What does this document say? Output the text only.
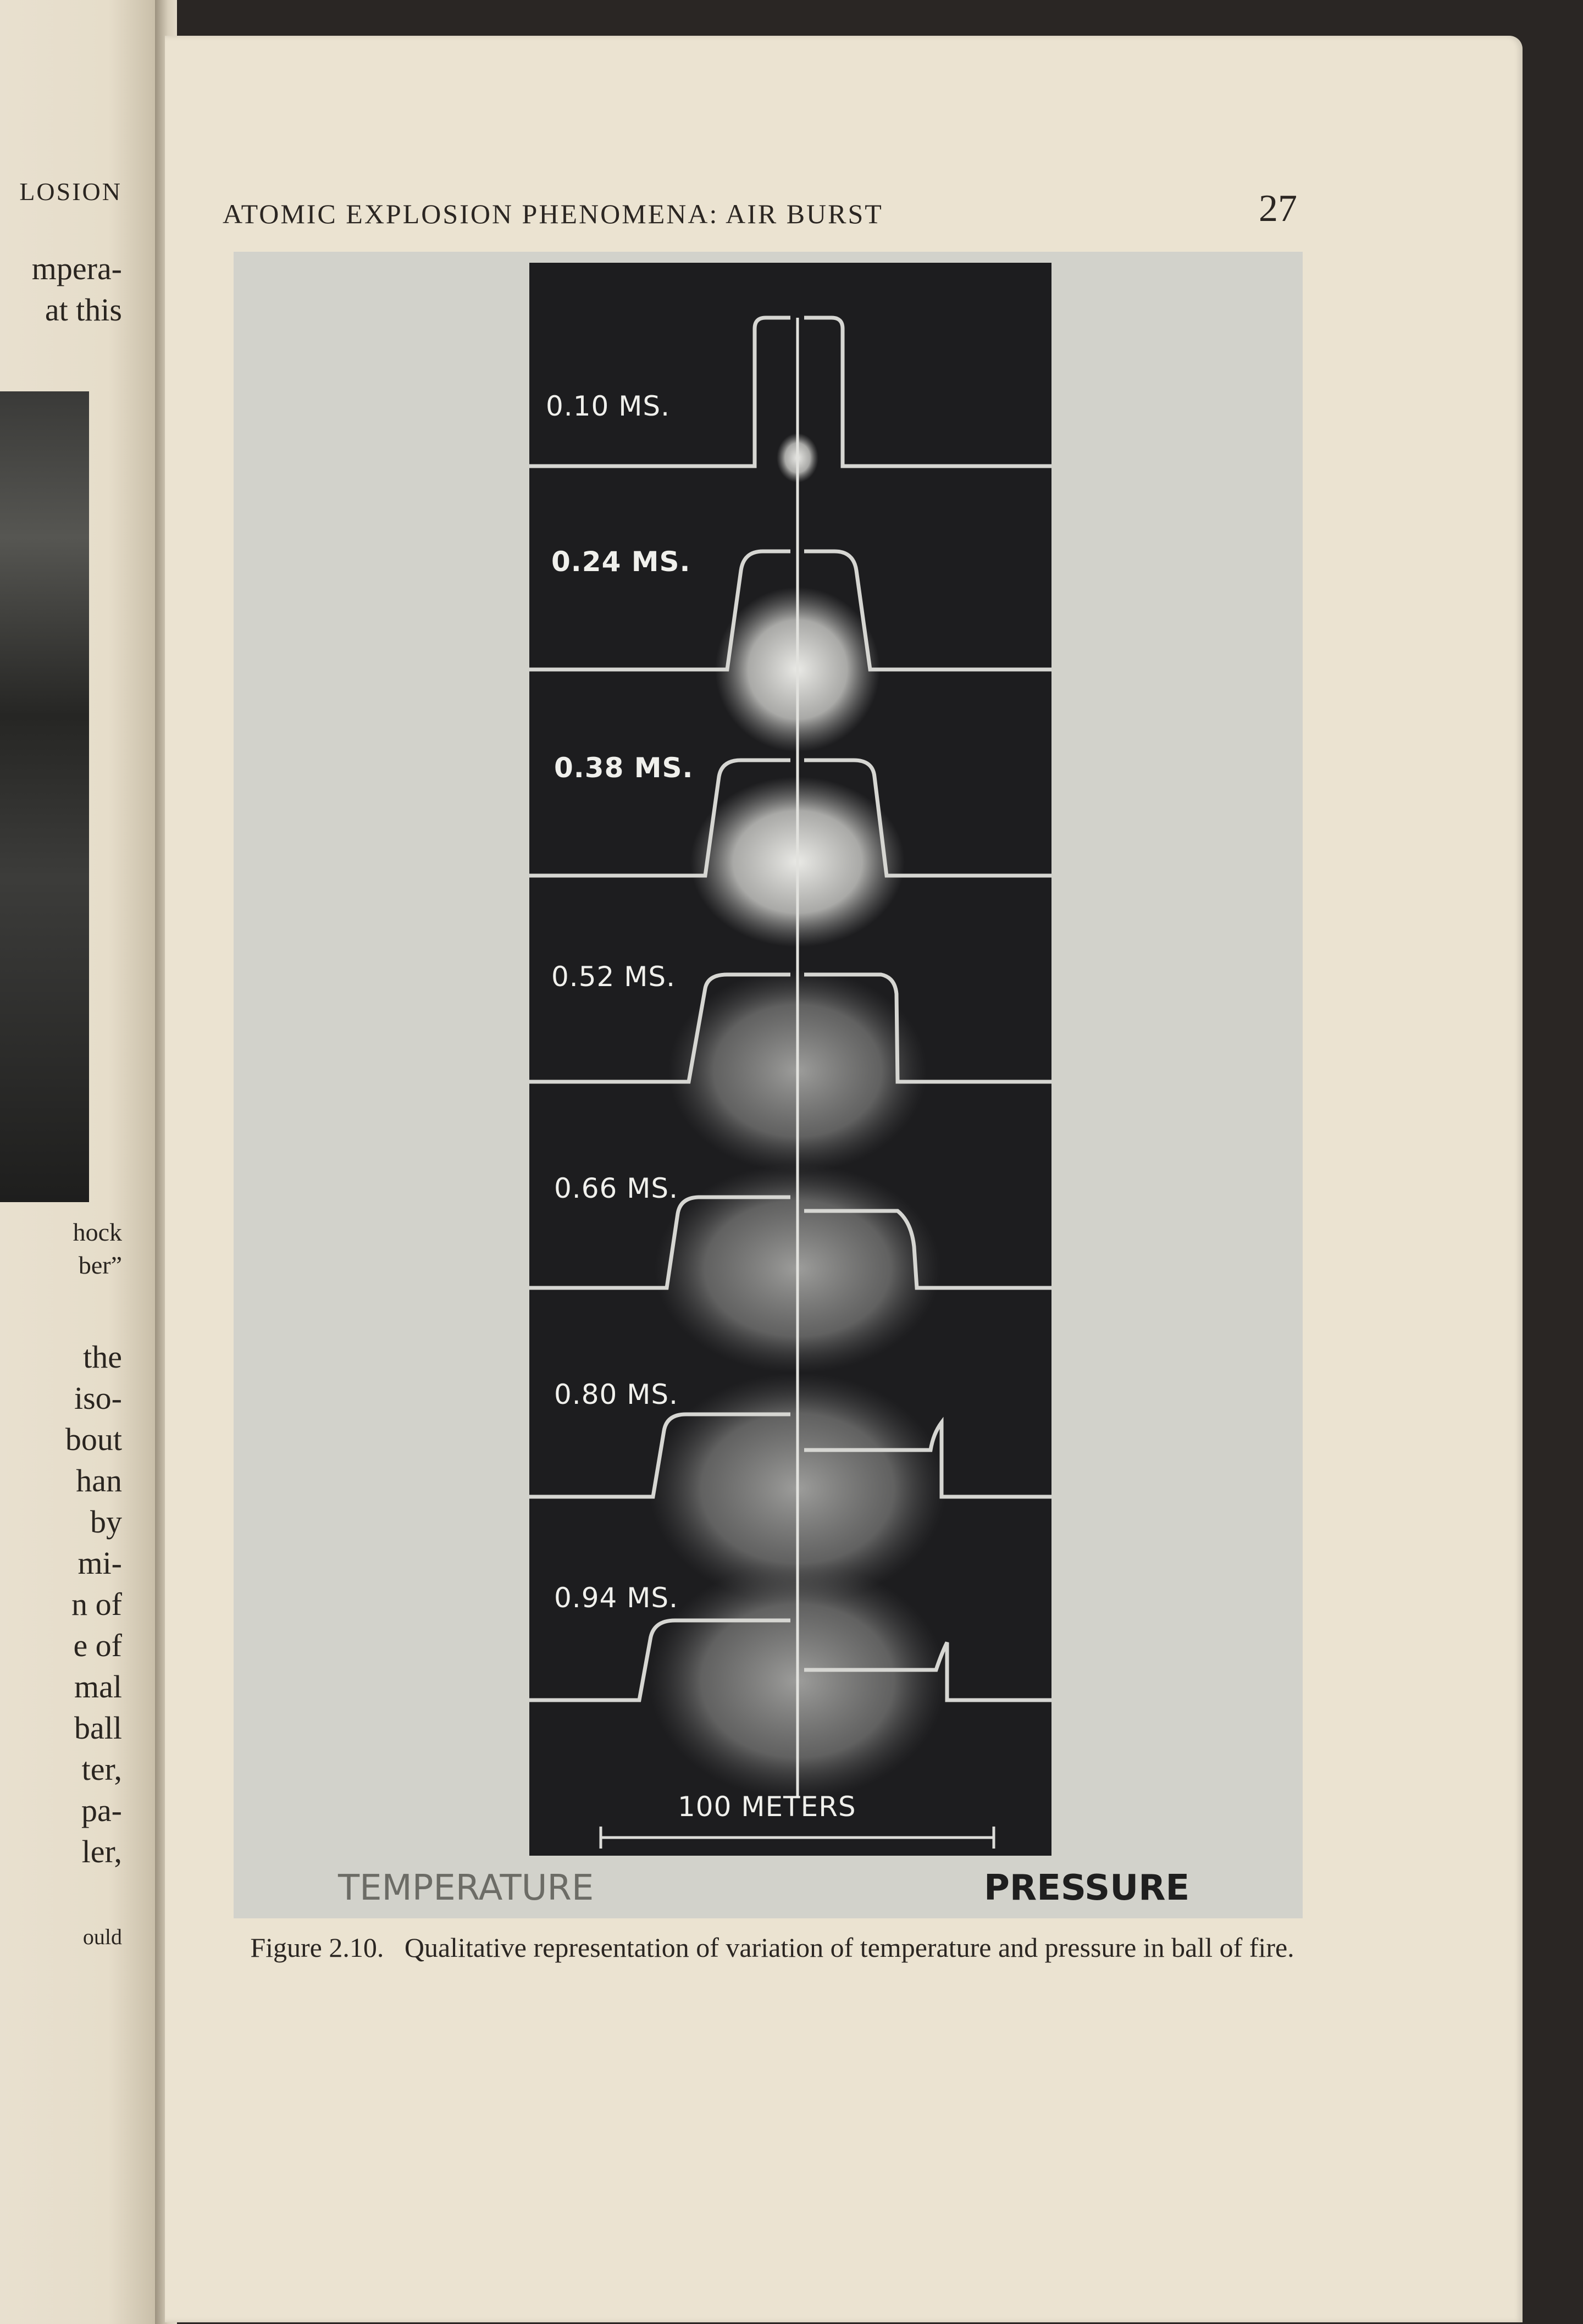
LOSION
mpera-
at this
hock
ber”
the
iso-
bout
han
by
mi-
n of
e of
mal
ball
ter,
pa-
ler,
ould
ATOMIC EXPLOSION PHENOMENA: AIR BURST	27
0.10 MS.
0.24 MS.
0.38 MS.
0.52 MS.
0.66 MS.
0.80 MS.
0.94 MS.
100 METERS
TEMPERATURE	PRESSURE
Figure 2.10. Qualitative representation of variation of temperature and pressure in ball of fire.
